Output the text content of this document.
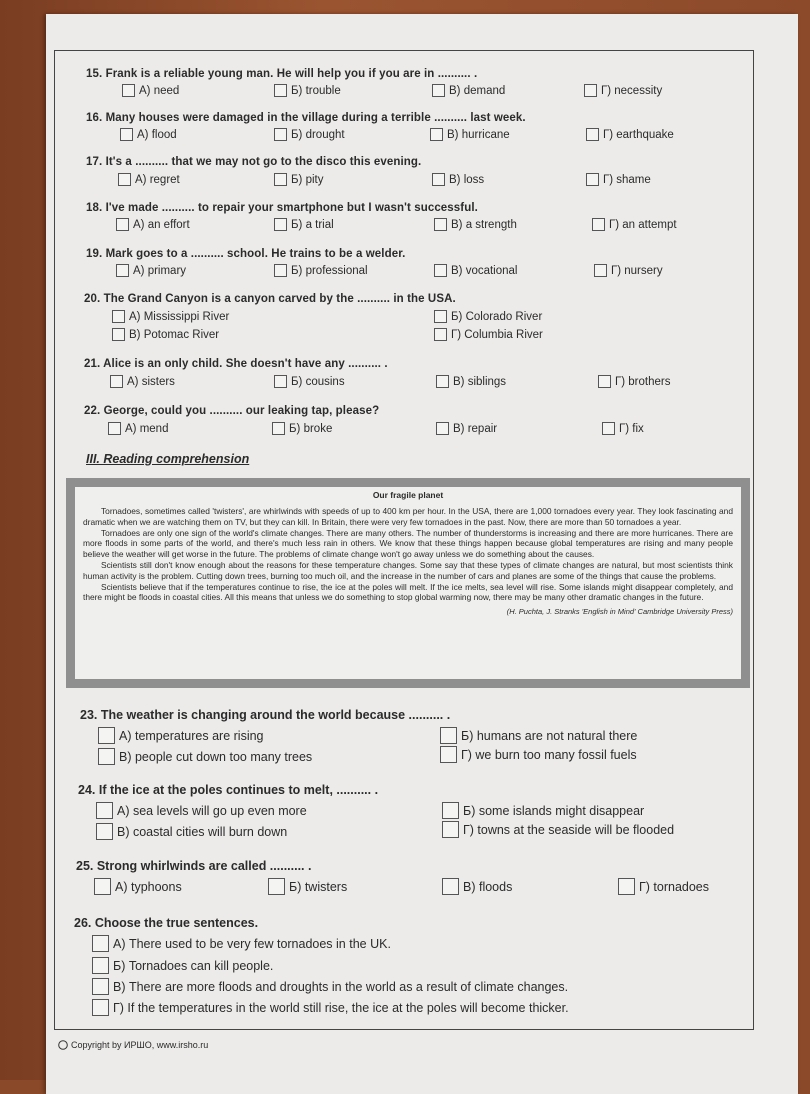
15. Frank is a reliable young man. He will help you if you are in .......... .
А) need	Б) trouble	В) demand	Г) necessity
16. Many houses were damaged in the village during a terrible .......... last week.
А) flood	Б) drought	В) hurricane	Г) earthquake
17. It's a .......... that we may not go to the disco this evening.
А) regret	Б) pity	В) loss	Г) shame
18. I've made .......... to repair your smartphone but I wasn't successful.
А) an effort	Б) a trial	В) a strength	Г) an attempt
19. Mark goes to a .......... school. He trains to be a welder.
А) primary	Б) professional	В) vocational	Г) nursery
20. The Grand Canyon is a canyon carved by the .......... in the USA.
А) Mississippi River	Б) Colorado River
В) Potomac River	Г) Columbia River
21. Alice is an only child. She doesn't have any .......... .
А) sisters	Б) cousins	В) siblings	Г) brothers
22. George, could you .......... our leaking tap, please?
А) mend	Б) broke	В) repair	Г) fix
III. Reading comprehension
Our fragile planet

Tornadoes, sometimes called 'twisters', are whirlwinds with speeds of up to 400 km per hour. In the USA, there are 1,000 tornadoes every year. They look fascinating and dramatic when we are watching them on TV, but they can kill. In Britain, there were very few tornadoes in the past. Now, there are more than 50 tornadoes a year.

Tornadoes are only one sign of the world's climate changes. There are many others. The number of thunderstorms is increasing and there are more hurricanes. There are more floods in some parts of the world, and there's much less rain in others. We know that these things happen because global temperatures are rising and many people believe the weather will get worse in the future. The problems of climate change won't go away unless we do something about the causes.

Scientists still don't know enough about the reasons for these temperature changes. Some say that these types of climate changes are natural, but most scientists think human activity is the problem. Cutting down trees, burning too much oil, and the increase in the number of cars and planes are some of the things that cause the problems.

Scientists believe that if the temperatures continue to rise, the ice at the poles will melt. If the ice melts, sea level will rise. Some islands might disappear completely, and there might be floods in coastal cities. All this means that unless we do something to stop global warming now, there may be many other dramatic changes in the future.

(H. Puchta, J. Stranks 'English in Mind' Cambridge University Press)
23. The weather is changing around the world because .......... .
А) temperatures are rising	Б) humans are not natural there
В) people cut down too many trees	Г) we burn too many fossil fuels
24. If the ice at the poles continues to melt, .......... .
А) sea levels will go up even more	Б) some islands might disappear
В) coastal cities will burn down	Г) towns at the seaside will be flooded
25. Strong whirlwinds are called .......... .
А) typhoons	Б) twisters	В) floods	Г) tornadoes
26. Choose the true sentences.
А) There used to be very few tornadoes in the UK.
Б) Tornadoes can kill people.
В) There are more floods and droughts in the world as a result of climate changes.
Г) If the temperatures in the world still rise, the ice at the poles will become thicker.
Copyright by ИРШО, www.irsho.ru
